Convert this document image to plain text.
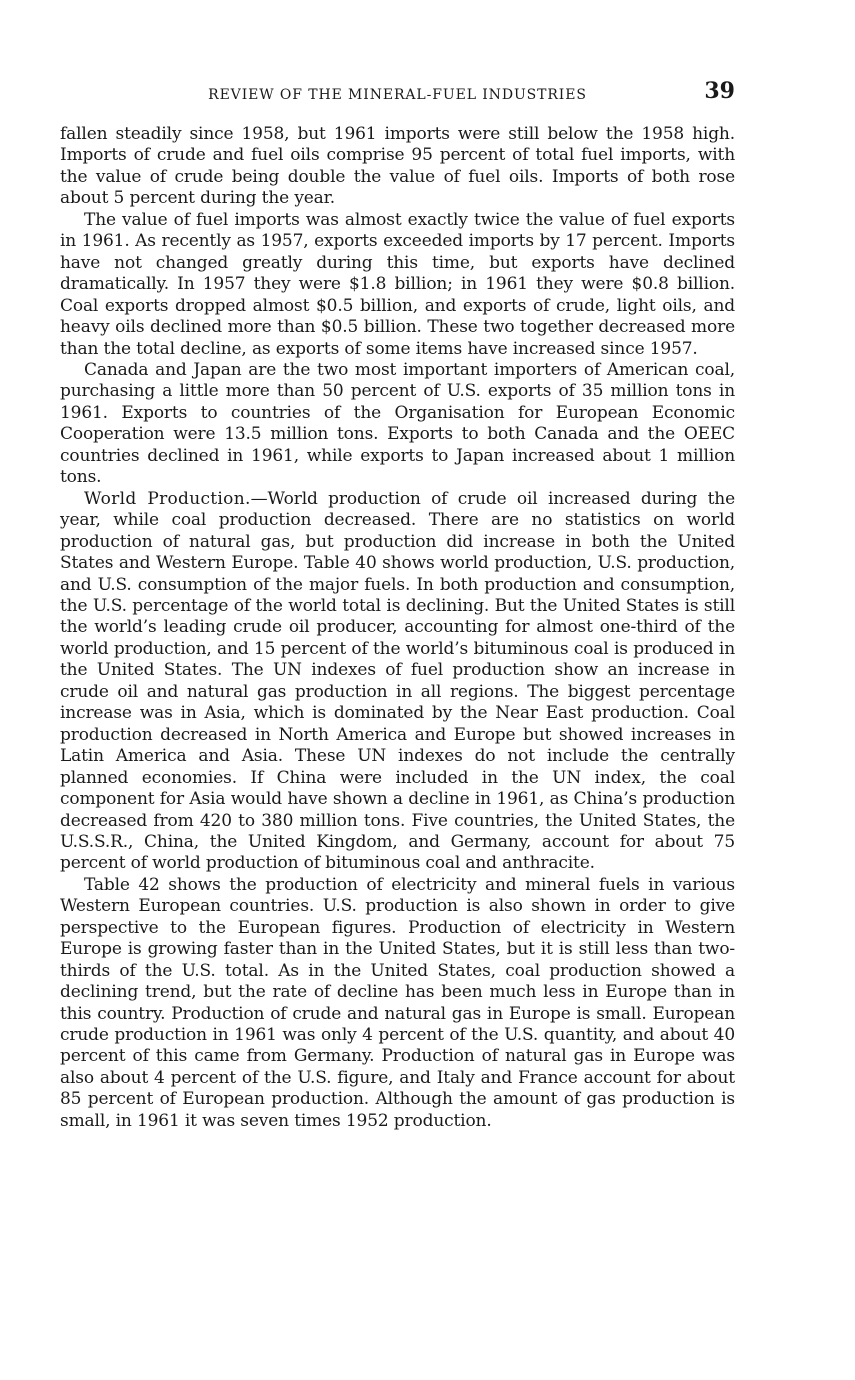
REVIEW OF THE MINERAL-FUEL INDUSTRIES	39

fallen steadily since 1958, but 1961 imports were still below the 1958 high. Imports of crude and fuel oils comprise 95 percent of total fuel imports, with the value of crude being double the value of fuel oils. Imports of both rose about 5 percent during the year.

The value of fuel imports was almost exactly twice the value of fuel exports in 1961. As recently as 1957, exports exceeded imports by 17 percent. Imports have not changed greatly during this time, but exports have declined dramatically. In 1957 they were $1.8 billion; in 1961 they were $0.8 billion. Coal exports dropped almost $0.5 billion, and exports of crude, light oils, and heavy oils declined more than $0.5 billion. These two together decreased more than the total decline, as exports of some items have increased since 1957.

Canada and Japan are the two most important importers of American coal, purchasing a little more than 50 percent of U.S. exports of 35 million tons in 1961. Exports to countries of the Organisation for European Economic Cooperation were 13.5 million tons. Exports to both Canada and the OEEC countries declined in 1961, while exports to Japan increased about 1 million tons.

World Production.—World production of crude oil increased during the year, while coal production decreased. There are no statistics on world production of natural gas, but production did increase in both the United States and Western Europe. Table 40 shows world production, U.S. production, and U.S. consumption of the major fuels. In both production and consumption, the U.S. percentage of the world total is declining. But the United States is still the world’s leading crude oil producer, accounting for almost one-third of the world production, and 15 percent of the world’s bituminous coal is produced in the United States. The UN indexes of fuel production show an increase in crude oil and natural gas production in all regions. The biggest percentage increase was in Asia, which is dominated by the Near East production. Coal production decreased in North America and Europe but showed increases in Latin America and Asia. These UN indexes do not include the centrally planned economies. If China were included in the UN index, the coal component for Asia would have shown a decline in 1961, as China’s production decreased from 420 to 380 million tons. Five countries, the United States, the U.S.S.R., China, the United Kingdom, and Germany, account for about 75 percent of world production of bituminous coal and anthracite.

Table 42 shows the production of electricity and mineral fuels in various Western European countries. U.S. production is also shown in order to give perspective to the European figures. Production of electricity in Western Europe is growing faster than in the United States, but it is still less than two-thirds of the U.S. total. As in the United States, coal production showed a declining trend, but the rate of decline has been much less in Europe than in this country. Production of crude and natural gas in Europe is small. European crude production in 1961 was only 4 percent of the U.S. quantity, and about 40 percent of this came from Germany. Production of natural gas in Europe was also about 4 percent of the U.S. figure, and Italy and France account for about 85 percent of European production. Although the amount of gas production is small, in 1961 it was seven times 1952 production.
